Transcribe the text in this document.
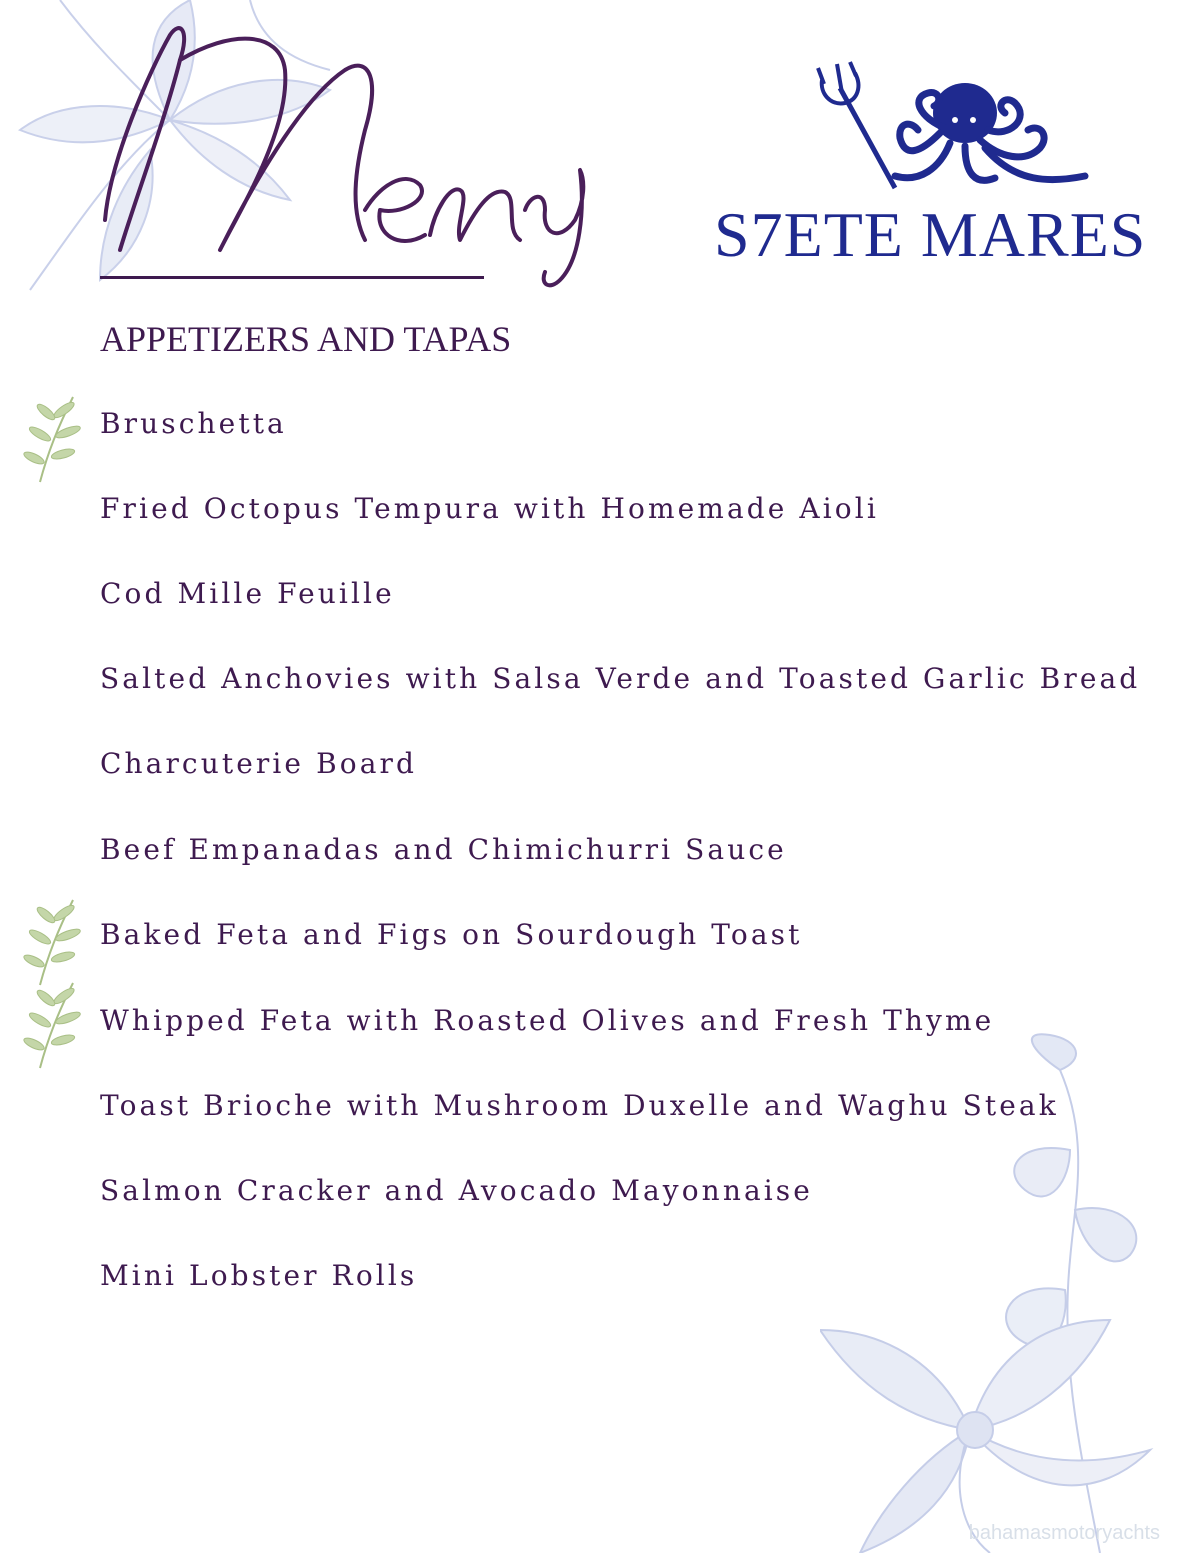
S7ETE MARES
APPETIZERS AND TAPAS
Bruschetta
Fried Octopus Tempura with Homemade Aioli
Cod Mille Feuille
Salted Anchovies with Salsa Verde and Toasted Garlic Bread
Charcuterie Board
Beef Empanadas and Chimichurri Sauce
Baked Feta and Figs on Sourdough Toast
Whipped Feta with Roasted Olives and Fresh Thyme
Toast Brioche with Mushroom Duxelle and Waghu Steak
Salmon Cracker and Avocado Mayonnaise
Mini Lobster Rolls
bahamasmotoryachts
